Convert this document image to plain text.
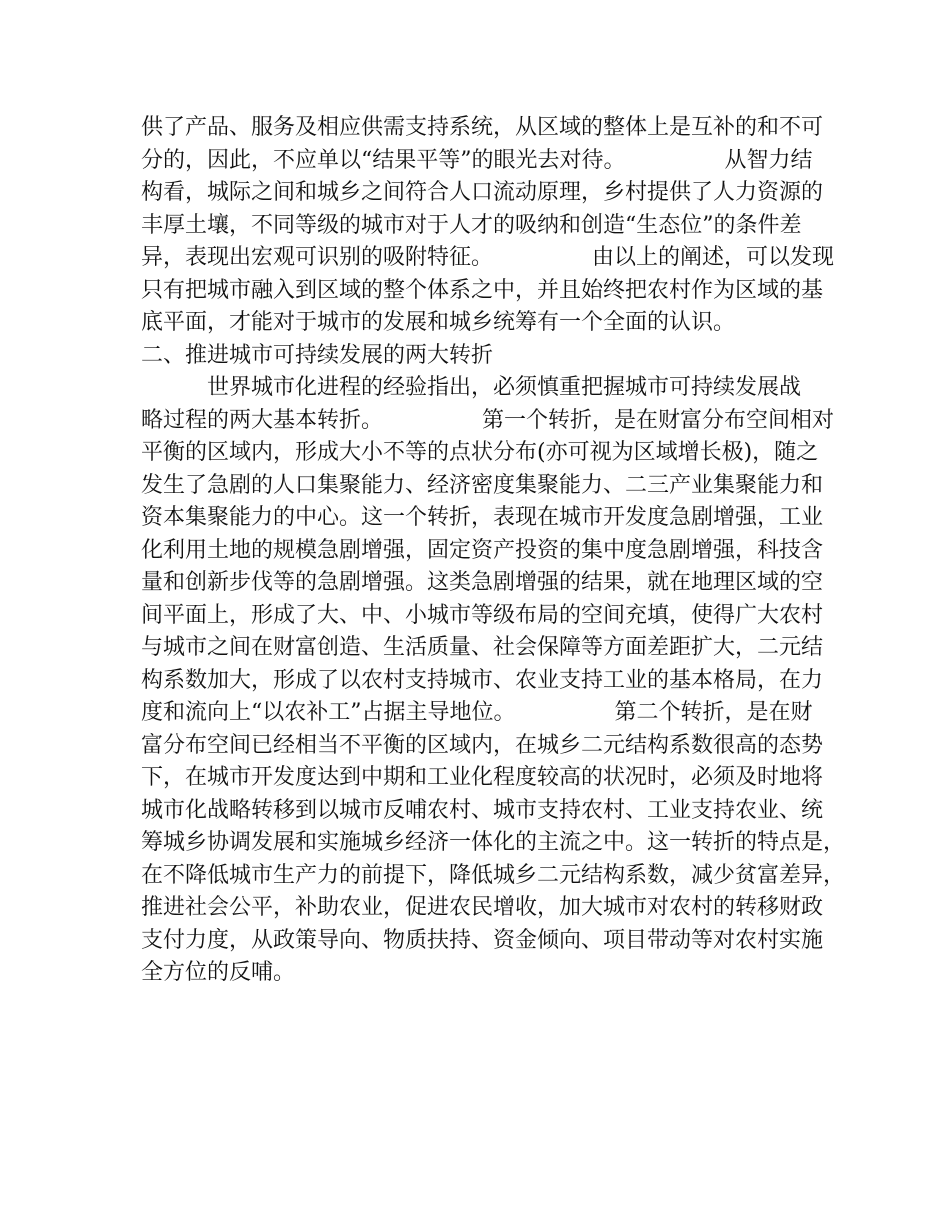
供了产品、服务及相应供需支持系统，从区域的整体上是互补的和不可
分的，因此，不应单以“结果平等”的眼光去对待。　　　　　从智力结
构看，城际之间和城乡之间符合人口流动原理，乡村提供了人力资源的
丰厚土壤，不同等级的城市对于人才的吸纳和创造“生态位”的条件差
异，表现出宏观可识别的吸附特征。　　　　　由以上的阐述，可以发现
只有把城市融入到区域的整个体系之中，并且始终把农村作为区域的基
底平面，才能对于城市的发展和城乡统筹有一个全面的认识。
二、推进城市可持续发展的两大转折
　　　世界城市化进程的经验指出，必须慎重把握城市可持续发展战
略过程的两大基本转折。　　　　　第一个转折，是在财富分布空间相对
平衡的区域内，形成大小不等的点状分布(亦可视为区域增长极)，随之
发生了急剧的人口集聚能力、经济密度集聚能力、二三产业集聚能力和
资本集聚能力的中心。这一个转折，表现在城市开发度急剧增强，工业
化利用土地的规模急剧增强，固定资产投资的集中度急剧增强，科技含
量和创新步伐等的急剧增强。这类急剧增强的结果，就在地理区域的空
间平面上，形成了大、中、小城市等级布局的空间充填，使得广大农村
与城市之间在财富创造、生活质量、社会保障等方面差距扩大，二元结
构系数加大，形成了以农村支持城市、农业支持工业的基本格局，在力
度和流向上“以农补工”占据主导地位。　　　　　第二个转折，是在财
富分布空间已经相当不平衡的区域内，在城乡二元结构系数很高的态势
下，在城市开发度达到中期和工业化程度较高的状况时，必须及时地将
城市化战略转移到以城市反哺农村、城市支持农村、工业支持农业、统
筹城乡协调发展和实施城乡经济一体化的主流之中。这一转折的特点是，
在不降低城市生产力的前提下，降低城乡二元结构系数，减少贫富差异，
推进社会公平，补助农业，促进农民增收，加大城市对农村的转移财政
支付力度，从政策导向、物质扶持、资金倾向、项目带动等对农村实施
全方位的反哺。
